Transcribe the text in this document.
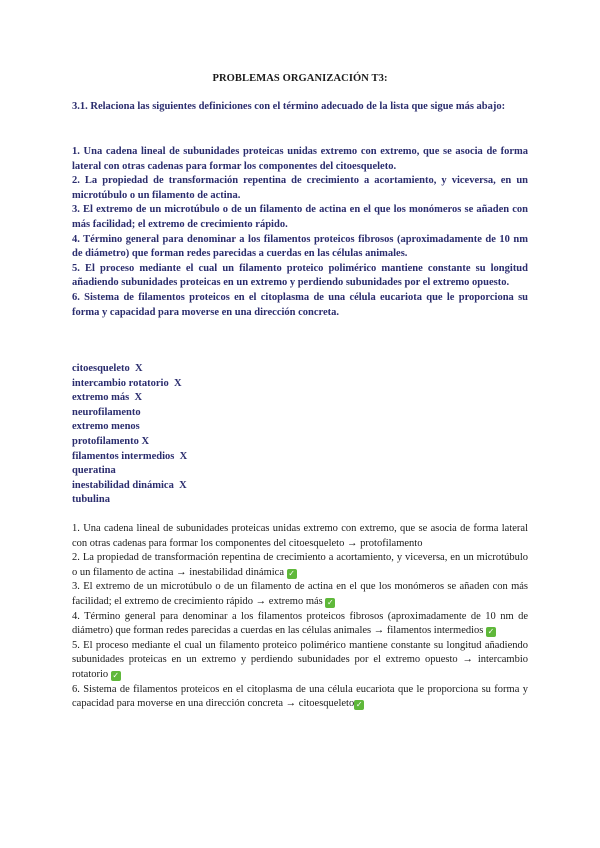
PROBLEMAS ORGANIZACIÓN T3:
3.1. Relaciona las siguientes definiciones con el término adecuado de la lista que sigue más abajo:

1. Una cadena lineal de subunidades proteicas unidas extremo con extremo, que se asocia de forma lateral con otras cadenas para formar los componentes del citoesqueleto.

2. La propiedad de transformación repentina de crecimiento a acortamiento, y viceversa, en un microtúbulo o un filamento de actina.

3. El extremo de un microtúbulo o de un filamento de actina en el que los monómeros se añaden con más facilidad; el extremo de crecimiento rápido.

4. Término general para denominar a los filamentos proteicos fibrosos (aproximadamente de 10 nm de diámetro) que forman redes parecidas a cuerdas en las células animales.

5. El proceso mediante el cual un filamento proteico polimérico mantiene constante su longitud añadiendo subunidades proteicas en un extremo y perdiendo subunidades por el extremo opuesto.

6. Sistema de filamentos proteicos en el citoplasma de una célula eucariota que le proporciona su forma y capacidad para moverse en una dirección concreta.

citoesqueleto  X
intercambio rotatorio  X
extremo más  X
neurofilamento
extremo menos
protofilamento X
filamentos intermedios  X
queratina
inestabilidad dinámica  X
tubulina

1. Una cadena lineal de subunidades proteicas unidas extremo con extremo, que se asocia de forma lateral con otras cadenas para formar los componentes del citoesqueleto → protofilamento

2. La propiedad de transformación repentina de crecimiento a acortamiento, y viceversa, en un microtúbulo o un filamento de actina → inestabilidad dinámica ✓

3. El extremo de un microtúbulo o de un filamento de actina en el que los monómeros se añaden con más facilidad; el extremo de crecimiento rápido → extremo más ✓

4. Término general para denominar a los filamentos proteicos fibrosos (aproximadamente de 10 nm de diámetro) que forman redes parecidas a cuerdas en las células animales → filamentos intermedios ✓

5. El proceso mediante el cual un filamento proteico polimérico mantiene constante su longitud añadiendo subunidades proteicas en un extremo y perdiendo subunidades por el extremo opuesto → intercambio rotatorio ✓

6. Sistema de filamentos proteicos en el citoplasma de una célula eucariota que le proporciona su forma y capacidad para moverse en una dirección concreta → citoesqueleto ✓
